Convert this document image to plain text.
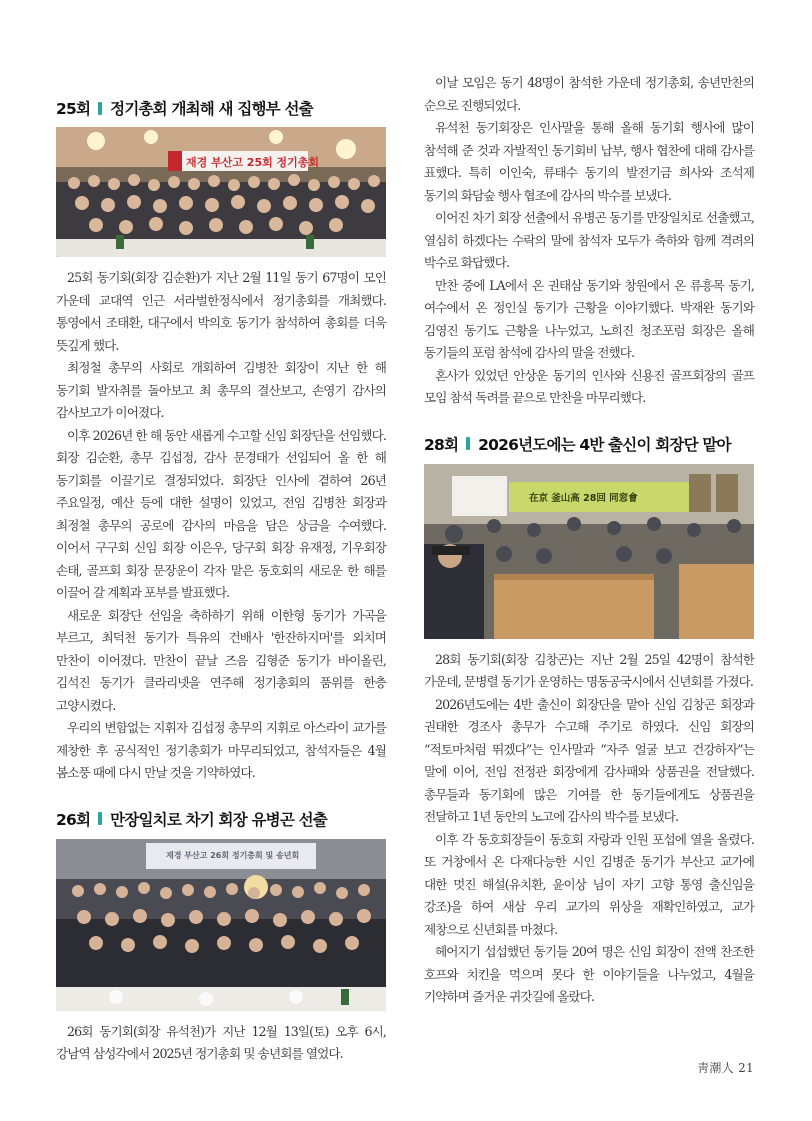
25회 정기총회 개최해 새 집행부 선출
재경 부산고 25회 정기총회

25회 동기회(회장 김순환)가 지난 2월 11일 동기 67명이 모인 가운데 교대역 인근 서라벌한정식에서 정기총회를 개최했다. 통영에서 조태환, 대구에서 박의호 동기가 참석하여 총회를 더욱 뜻깊게 했다.

최정철 총무의 사회로 개회하여 김병찬 회장이 지난 한 해 동기회 발자취를 돌아보고 최 총무의 결산보고, 손영기 감사의 감사보고가 이어졌다.

이후 2026년 한 해 동안 새롭게 수고할 신임 회장단을 선임했다. 회장 김순환, 총무 김섭정, 감사 문경태가 선임되어 올 한 해 동기회를 이끌기로 결정되었다. 회장단 인사에 곁하여 26년 주요일정, 예산 등에 대한 설명이 있었고, 전임 김병찬 회장과 최정철 총무의 공로에 감사의 마음을 담은 상금을 수여했다. 이어서 구구회 신임 회장 이은우, 당구회 회장 유재정, 기우회장 손태, 골프회 회장 문장운이 각자 맡은 동호회의 새로운 한 해를 이끌어 갈 계획과 포부를 발표했다.

새로운 회장단 선임을 축하하기 위해 이한형 동기가 가곡을 부르고, 최덕천 동기가 특유의 건배사 '한잔하지머'를 외치며 만찬이 이어졌다. 만찬이 끝날 즈음 김형준 동기가 바이올린, 김석진 동기가 클라리넷을 연주해 정기총회의 품위를 한층 고양시켰다.

우리의 변함없는 지휘자 김섭정 총무의 지휘로 아스라이 교가를 제창한 후 공식적인 정기총회가 마무리되었고, 참석자들은 4월 봄소풍 때에 다시 만날 것을 기약하였다.

26회 만장일치로 차기 회장 유병곤 선출
재경 부산고 26회 정기총회 및 송년회

26회 동기회(회장 유석천)가 지난 12월 13일(토) 오후 6시, 강남역 삼성각에서 2025년 정기총회 및 송년회를 열었다.

이날 모임은 동기 48명이 참석한 가운데 정기총회, 송년만찬의 순으로 진행되었다.

유석천 동기회장은 인사말을 통해 올해 동기회 행사에 많이 참석해 준 것과 자발적인 동기회비 납부, 행사 협찬에 대해 감사를 표했다. 특히 이인숙, 류태수 동기의 발전기금 희사와 조석제 동기의 화담숲 행사 협조에 감사의 박수를 보냈다.

이어진 차기 회장 선출에서 유병곤 동기를 만장일치로 선출했고, 열심히 하겠다는 수락의 말에 참석자 모두가 축하와 함께 격려의 박수로 화답했다.

만찬 중에 LA에서 온 권태삼 동기와 창원에서 온 류흥목 동기, 여수에서 온 정인실 동기가 근황을 이야기했다. 박재완 동기와 김영진 동기도 근황을 나누었고, 노희진 청조포럼 회장은 올해 동기들의 포럼 참석에 감사의 말을 전했다.

혼사가 있었던 안상운 동기의 인사와 신용진 골프회장의 골프 모임 참석 독려를 끝으로 만찬을 마무리했다.

28회 2026년도에는 4반 출신이 회장단 맡아
在京 釜山高 28回 同窓會

28회 동기회(회장 김창곤)는 지난 2월 25일 42명이 참석한 가운데, 문병렬 동기가 운영하는 명동공국시에서 신년회를 가졌다.

2026년도에는 4반 출신이 회장단을 맡아 신임 김창곤 회장과 권태한 경조사 총무가 수고해 주기로 하였다. 신임 회장의 “적토마처럼 뛰겠다”는 인사말과 “자주 얼굴 보고 건강하자”는 말에 이어, 전임 전정관 회장에게 감사패와 상품권을 전달했다. 총무들과 동기회에 많은 기여를 한 동기들에게도 상품권을 전달하고 1년 동안의 노고에 감사의 박수를 보냈다.

이후 각 동호회장들이 동호회 자랑과 인원 포섭에 열을 올렸다. 또 거창에서 온 다재다능한 시인 김병준 동기가 부산고 교가에 대한 멋진 해설(유치환, 윤이상 님이 자기 고향 통영 출신임을 강조)을 하여 새삼 우리 교가의 위상을 재확인하였고, 교가 제창으로 신년회를 마쳤다.

헤어지기 섭섭했던 동기들 20여 명은 신임 회장이 전액 찬조한 호프와 치킨을 먹으며 못다 한 이야기들을 나누었고, 4월을 기약하며 즐거운 귀갓길에 올랐다.

靑潮人 21
